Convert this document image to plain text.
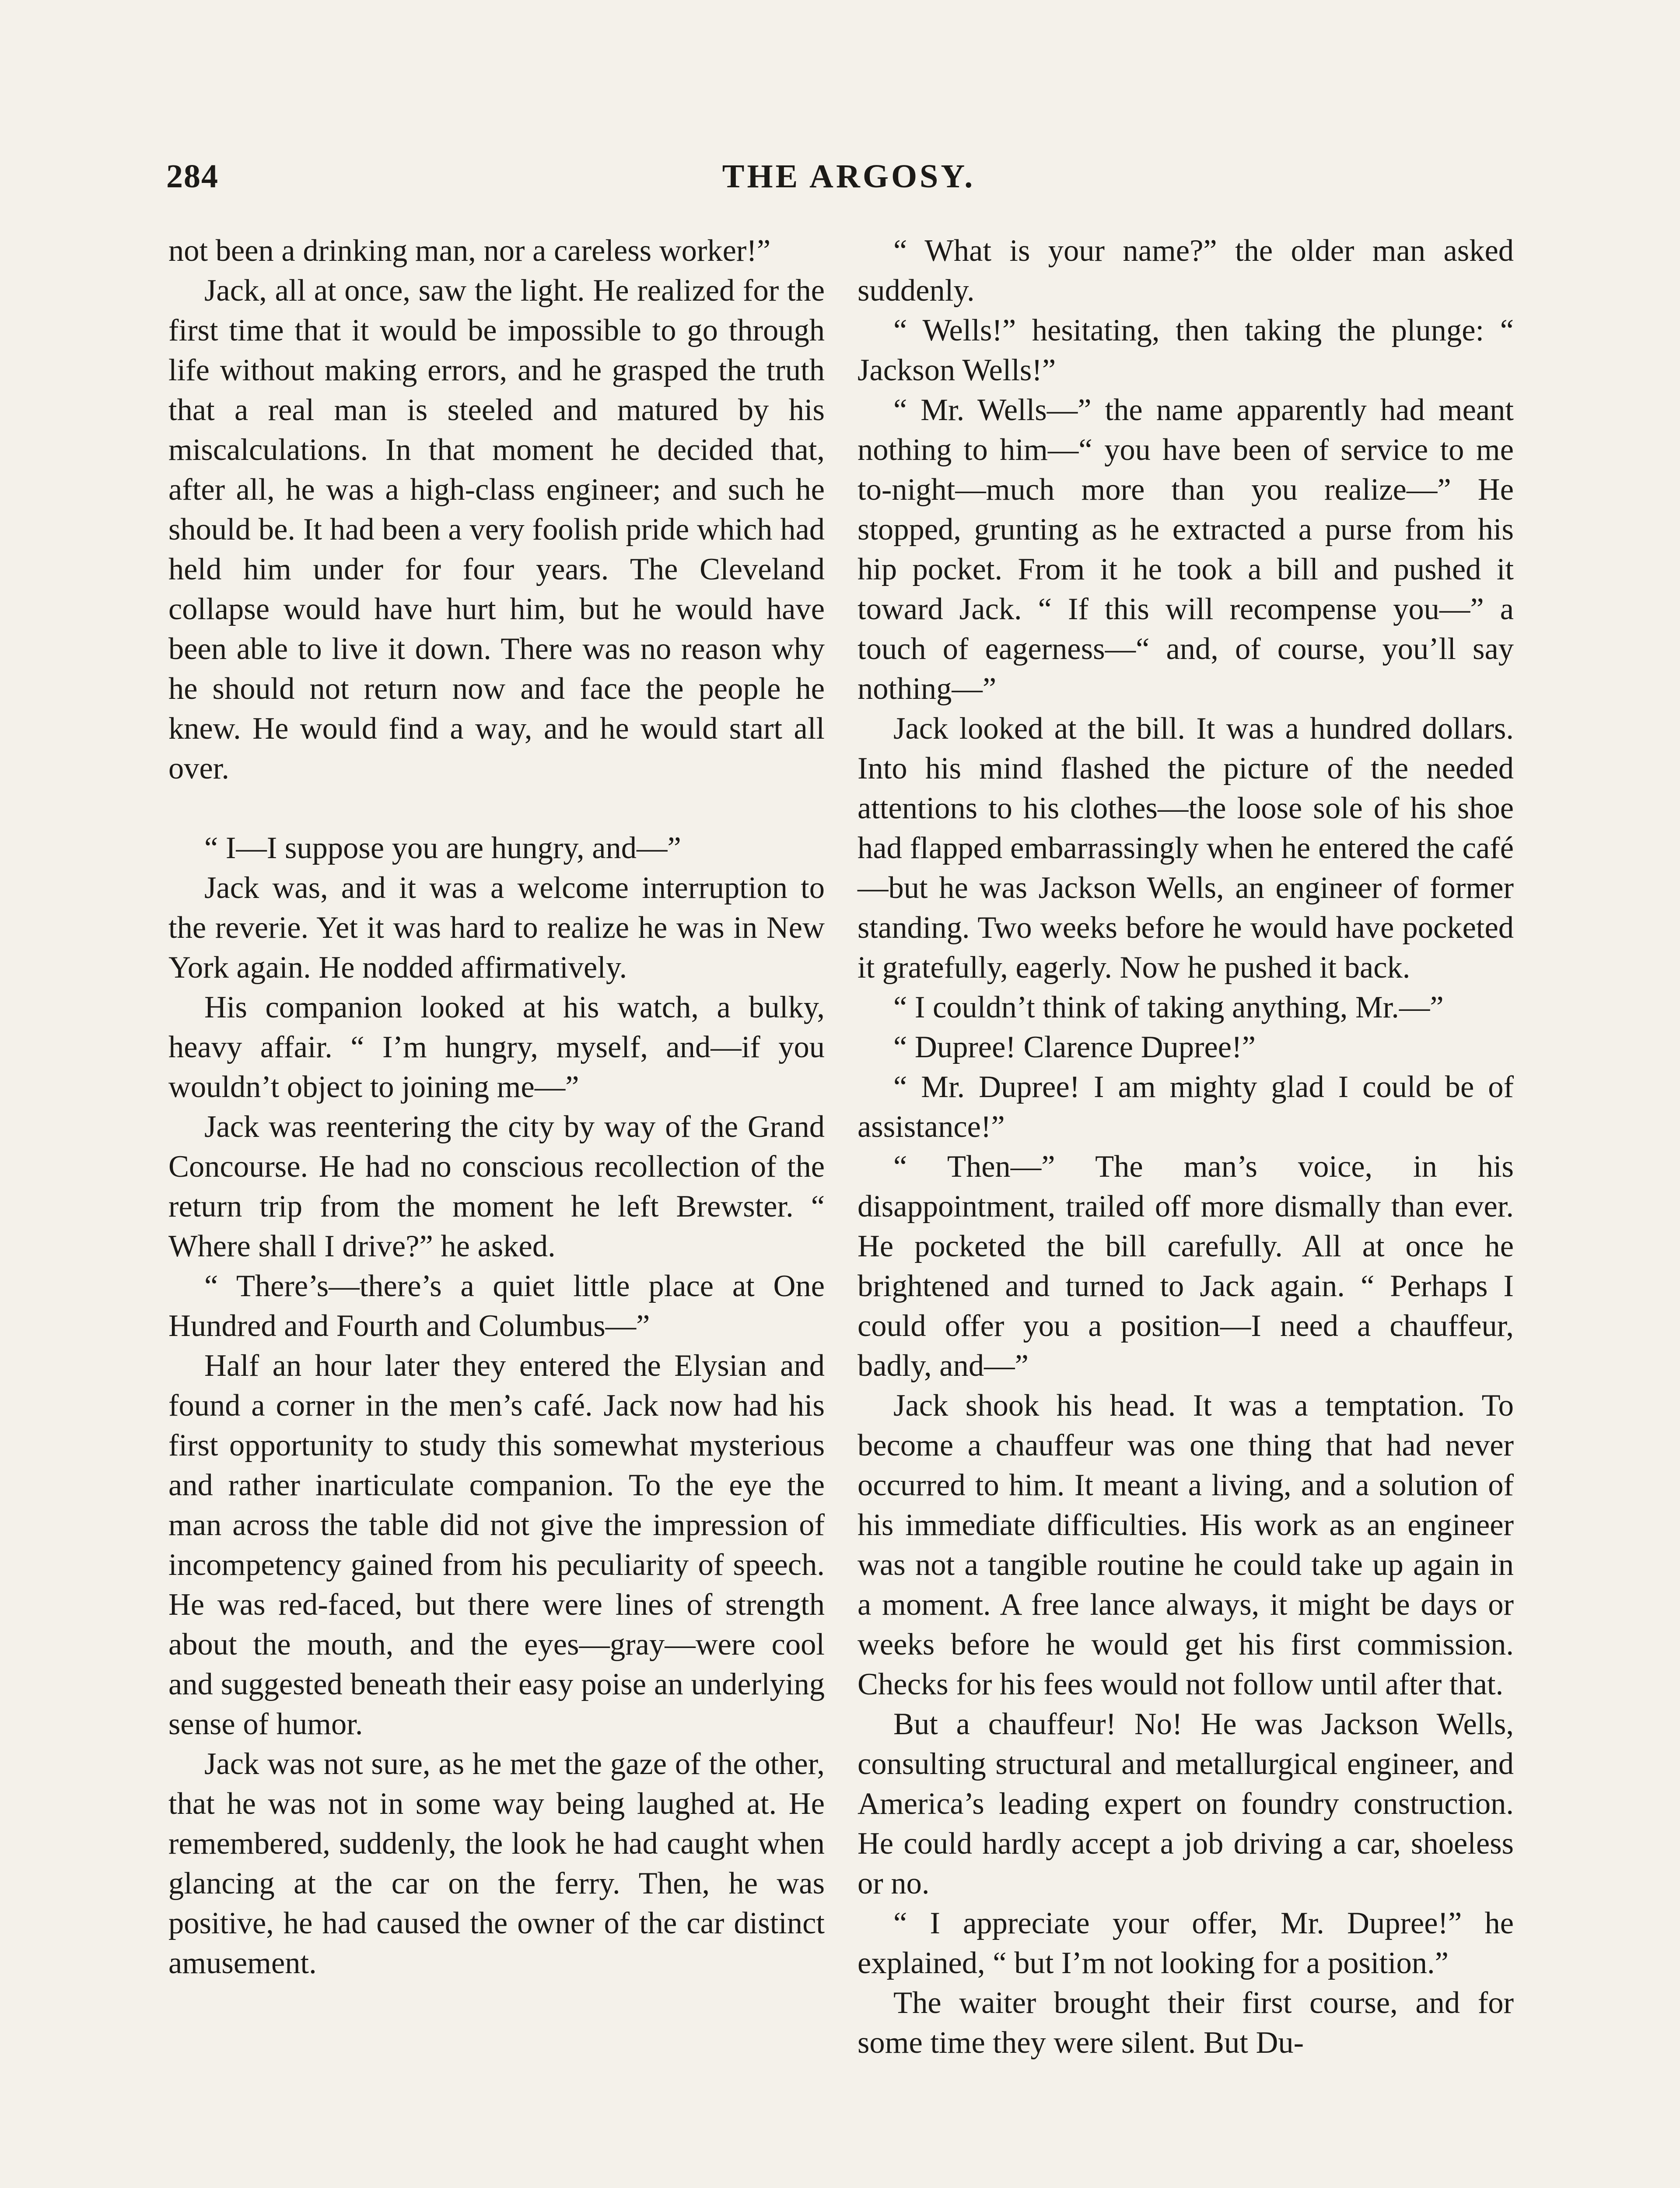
284	THE ARGOSY.

not been a drinking man, nor a careless worker!”

Jack, all at once, saw the light. He realized for the first time that it would be impossible to go through life without making errors, and he grasped the truth that a real man is steeled and matured by his miscalculations. In that moment he decided that, after all, he was a high-class engineer; and such he should be. It had been a very foolish pride which had held him under for four years. The Cleveland collapse would have hurt him, but he would have been able to live it down. There was no reason why he should not return now and face the people he knew. He would find a way, and he would start all over.

“ I—I suppose you are hungry, and—”

Jack was, and it was a welcome interruption to the reverie. Yet it was hard to realize he was in New York again. He nodded affirmatively.

His companion looked at his watch, a bulky, heavy affair. “ I’m hungry, myself, and—if you wouldn’t object to joining me—”

Jack was reentering the city by way of the Grand Concourse. He had no conscious recollection of the return trip from the moment he left Brewster. “ Where shall I drive?” he asked.

“ There’s—there’s a quiet little place at One Hundred and Fourth and Columbus—”

Half an hour later they entered the Elysian and found a corner in the men’s café. Jack now had his first opportunity to study this somewhat mysterious and rather inarticulate companion. To the eye the man across the table did not give the impression of incompetency gained from his peculiarity of speech. He was red-faced, but there were lines of strength about the mouth, and the eyes—gray—were cool and suggested beneath their easy poise an underlying sense of humor.

Jack was not sure, as he met the gaze of the other, that he was not in some way being laughed at. He remembered, suddenly, the look he had caught when glancing at the car on the ferry. Then, he was positive, he had caused the owner of the car distinct amusement.

“ What is your name?” the older man asked suddenly.

“ Wells!” hesitating, then taking the plunge: “ Jackson Wells!”

“ Mr. Wells—” the name apparently had meant nothing to him—“ you have been of service to me to-night—much more than you realize—” He stopped, grunting as he extracted a purse from his hip pocket. From it he took a bill and pushed it toward Jack. “ If this will recompense you—” a touch of eagerness—“ and, of course, you’ll say nothing—”

Jack looked at the bill. It was a hundred dollars. Into his mind flashed the picture of the needed attentions to his clothes—the loose sole of his shoe had flapped embarrassingly when he entered the café—but he was Jackson Wells, an engineer of former standing. Two weeks before he would have pocketed it gratefully, eagerly. Now he pushed it back.

“ I couldn’t think of taking anything, Mr.—”

“ Dupree! Clarence Dupree!”

“ Mr. Dupree! I am mighty glad I could be of assistance!”

“ Then—” The man’s voice, in his disappointment, trailed off more dismally than ever. He pocketed the bill carefully. All at once he brightened and turned to Jack again. “ Perhaps I could offer you a position—I need a chauffeur, badly, and—”

Jack shook his head. It was a temptation. To become a chauffeur was one thing that had never occurred to him. It meant a living, and a solution of his immediate difficulties. His work as an engineer was not a tangible routine he could take up again in a moment. A free lance always, it might be days or weeks before he would get his first commission. Checks for his fees would not follow until after that.

But a chauffeur! No! He was Jackson Wells, consulting structural and metallurgical engineer, and America’s leading expert on foundry construction. He could hardly accept a job driving a car, shoeless or no.

“ I appreciate your offer, Mr. Dupree!” he explained, “ but I’m not looking for a position.”

The waiter brought their first course, and for some time they were silent. But Du-
